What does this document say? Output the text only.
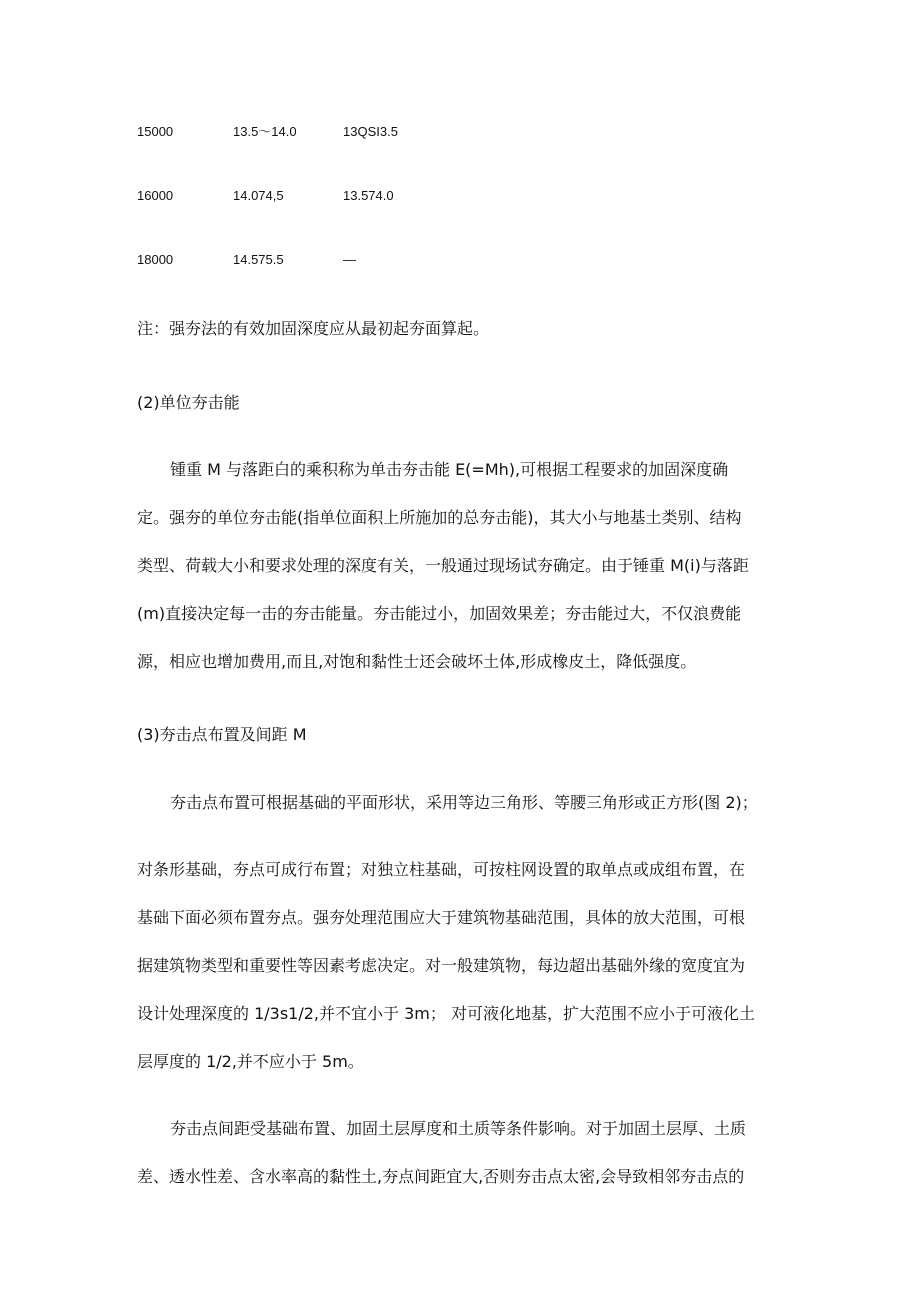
15000	13.5～14.0	13QSI3.5
16000	14.074,5	13.574.0
18000	14.575.5	—
注：强夯法的有效加固深度应从最初起夯面算起。
(2)单位夯击能
锺重 M 与落距白的乘积称为单击夯击能 E(=Mh),可根据工程要求的加固深度确
定。强夯的单位夯击能(指单位面积上所施加的总夯击能)，其大小与地基土类别、结构
类型、荷载大小和要求处理的深度有关，一般通过现场试夯确定。由于锤重 M(i)与落距
(m)直接决定每一击的夯击能量。夯击能过小，加固效果差；夯击能过大，不仅浪费能
源，相应也增加费用,而且,对饱和黏性士还会破坏土体,形成橡皮土，降低强度。
(3)夯击点布置及间距 M
夯击点布置可根据基础的平面形状，采用等边三角形、等腰三角形或正方形(图 2)；
对条形基础，夯点可成行布置；对独立柱基础，可按柱网设置的取单点或成组布置，在
基础下面必须布置夯点。强夯处理范围应大于建筑物基础范围，具体的放大范围，可根
据建筑物类型和重要性等因素考虑决定。对一般建筑物，每边超出基础外缘的宽度宜为
设计处理深度的 1/3s1/2,并不宜小于 3m； 对可液化地基，扩大范围不应小于可液化土
层厚度的 1/2,并不应小于 5m。
夯击点间距受基础布置、加固土层厚度和土质等条件影响。对于加固土层厚、土质
差、透水性差、含水率高的黏性土,夯点间距宜大,否则夯击点太密,会导致相邻夯击点的
